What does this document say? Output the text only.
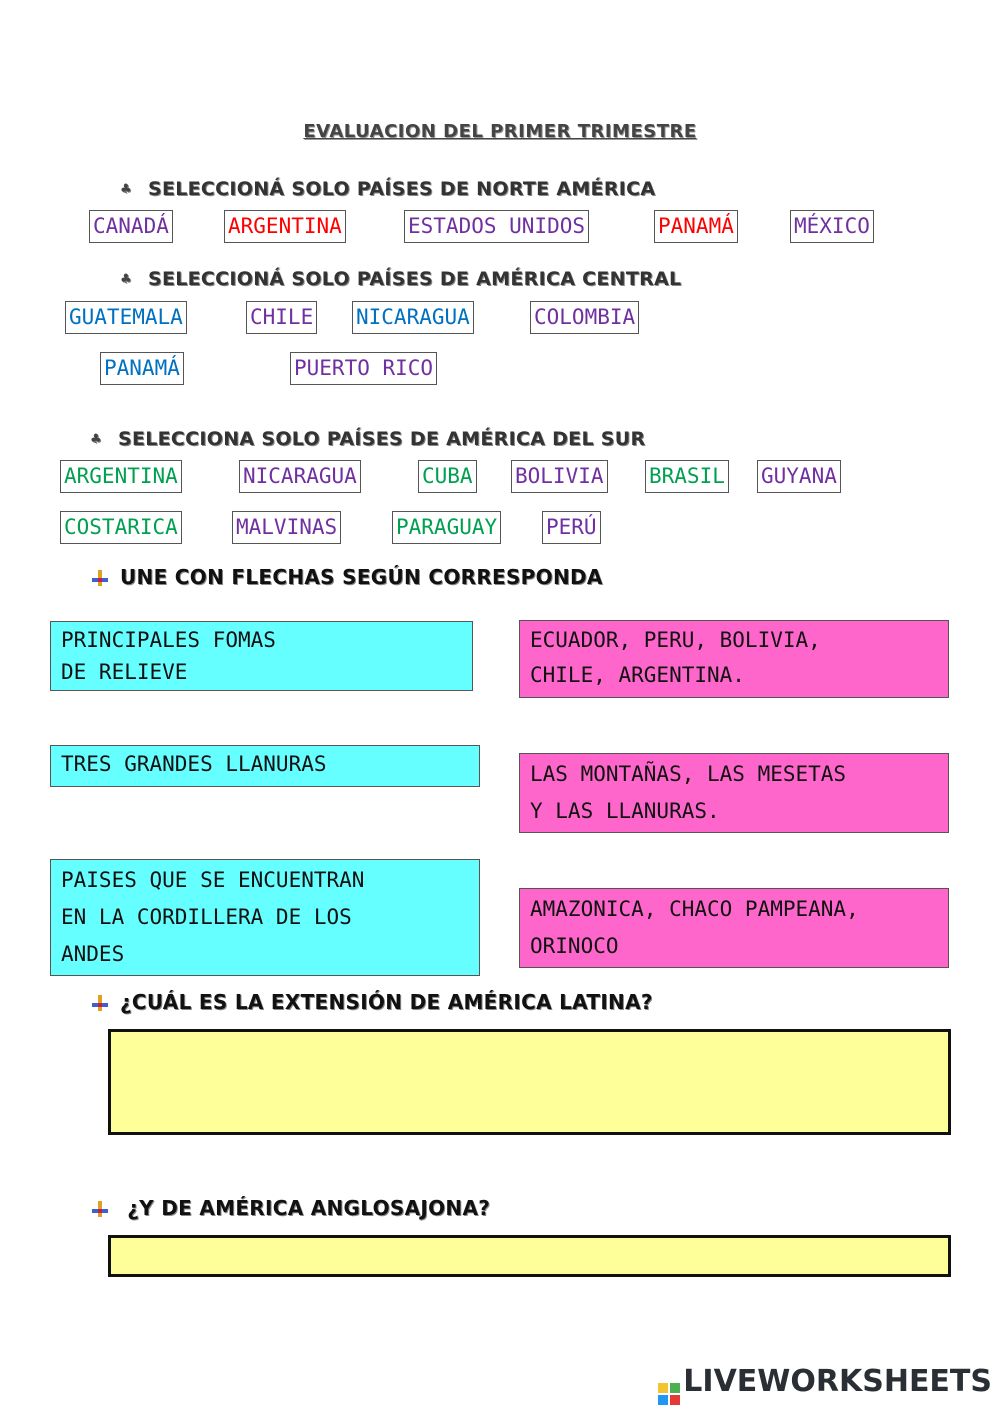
EVALUACION DEL PRIMER TRIMESTRE
♣ SELECCIONÁ SOLO PAÍSES DE NORTE AMÉRICA
CANADÁ	ARGENTINA	ESTADOS UNIDOS	PANAMÁ	MÉXICO
♣ SELECCIONÁ SOLO PAÍSES DE AMÉRICA CENTRAL
GUATEMALA	CHILE NICARAGUA	COLOMBIA
PANAMÁ	PUERTO RICO
♣ SELECCIONA SOLO PAÍSES DE AMÉRICA DEL SUR
ARGENTINA	NICARAGUA	CUBA BOLIVIA BRASIL GUYANA
COSTARICA	MALVINAS	PARAGUAY PERÚ
UNE CON FLECHAS SEGÚN CORRESPONDA
PRINCIPALES FOMAS
DE RELIEVE
TRES GRANDES LLANURAS
PAISES QUE SE ENCUENTRAN
EN LA CORDILLERA DE LOS
ANDES
ECUADOR, PERU, BOLIVIA,
CHILE, ARGENTINA.
LAS MONTAÑAS, LAS MESETAS
Y LAS LLANURAS.
AMAZONICA, CHACO PAMPEANA,
ORINOCO
¿CUÁL ES LA EXTENSIÓN DE AMÉRICA LATINA?
¿Y DE AMÉRICA ANGLOSAJONA?
LIVEWORKSHEETS
